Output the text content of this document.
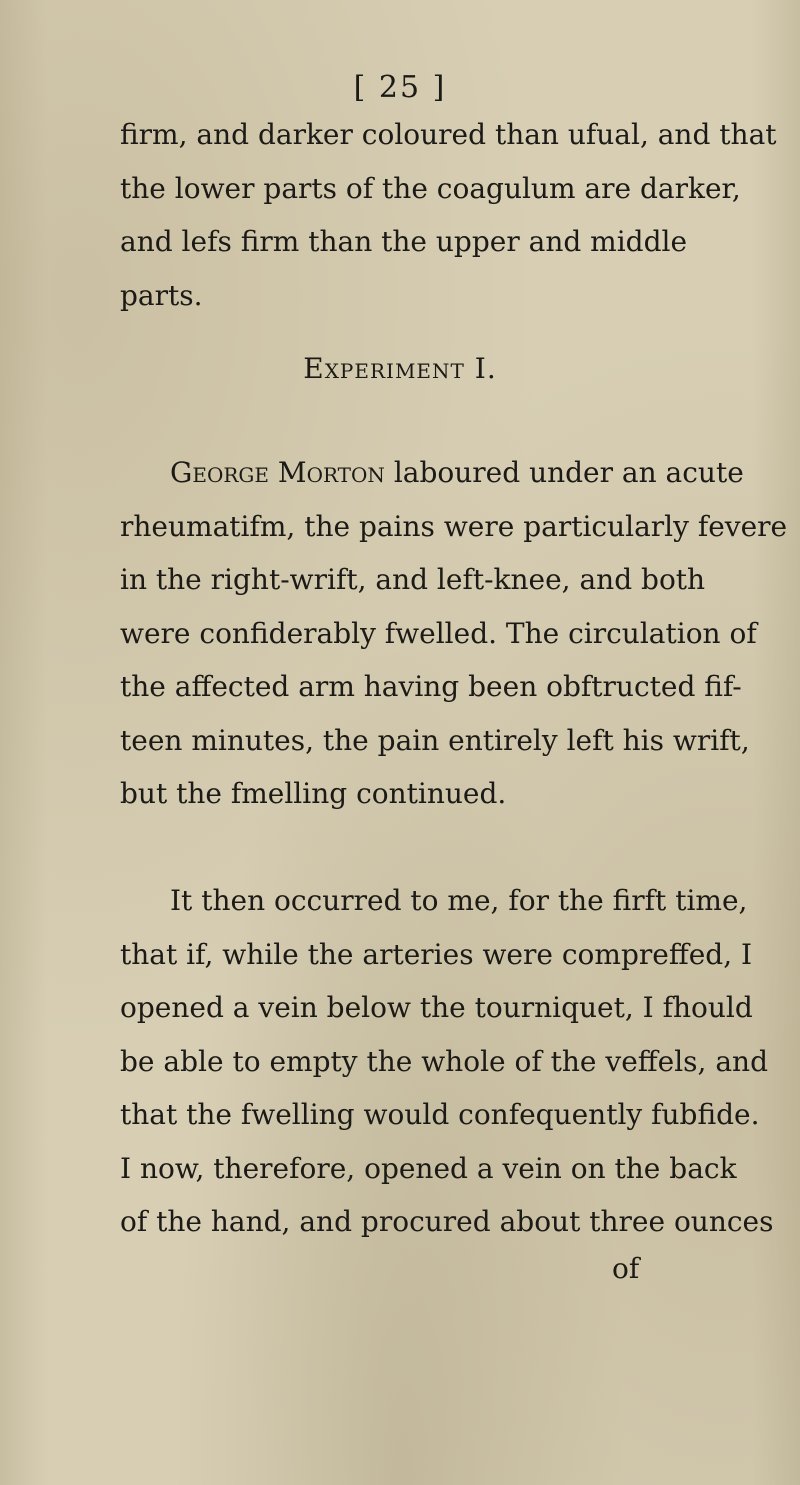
[ 25 ]
firm, and darker coloured than ufual, and that
the lower parts of the coagulum are darker,
and lefs firm than the upper and middle
parts.
Experiment I.
George Morton laboured under an acute
rheumatifm, the pains were particularly fevere
in the right-wrift, and left-knee, and both
were confiderably fwelled. The circulation of
the affected arm having been obftructed fif-
teen minutes, the pain entirely left his wrift,
but the fmelling continued.
It then occurred to me, for the firft time,
that if, while the arteries were compreffed, I
opened a vein below the tourniquet, I fhould
be able to empty the whole of the veffels, and
that the fwelling would confequently fubfide.
I now, therefore, opened a vein on the back
of the hand, and procured about three ounces
of
